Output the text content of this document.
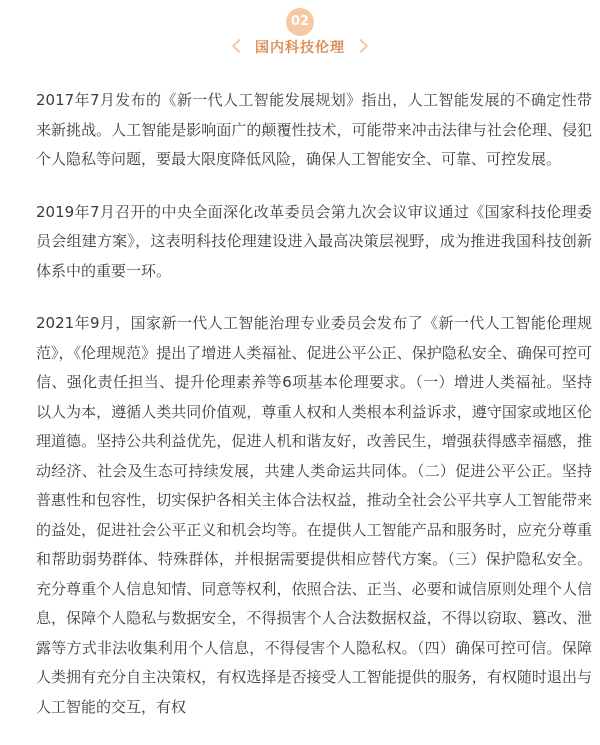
02
国内科技伦理

2017年7月发布的《新一代人工智能发展规划》指出，人工智能发展的不确定性带来新挑战。人工智能是影响面广的颠覆性技术，可能带来冲击法律与社会伦理、侵犯个人隐私等问题，要最大限度降低风险，确保人工智能安全、可靠、可控发展。

2019年7月召开的中央全面深化改革委员会第九次会议审议通过《国家科技伦理委员会组建方案》，这表明科技伦理建设进入最高决策层视野，成为推进我国科技创新体系中的重要一环。

2021年9月，国家新一代人工智能治理专业委员会发布了《新一代人工智能伦理规范》，《伦理规范》提出了增进人类福祉、促进公平公正、保护隐私安全、确保可控可信、强化责任担当、提升伦理素养等6项基本伦理要求。（一）增进人类福祉。坚持以人为本，遵循人类共同价值观，尊重人权和人类根本利益诉求，遵守国家或地区伦理道德。坚持公共利益优先，促进人机和谐友好，改善民生，增强获得感幸福感，推动经济、社会及生态可持续发展，共建人类命运共同体。（二）促进公平公正。坚持普惠性和包容性，切实保护各相关主体合法权益，推动全社会公平共享人工智能带来的益处，促进社会公平正义和机会均等。在提供人工智能产品和服务时，应充分尊重和帮助弱势群体、特殊群体，并根据需要提供相应替代方案。（三）保护隐私安全。充分尊重个人信息知情、同意等权利，依照合法、正当、必要和诚信原则处理个人信息，保障个人隐私与数据安全，不得损害个人合法数据权益，不得以窃取、篡改、泄露等方式非法收集利用个人信息，不得侵害个人隐私权。（四）确保可控可信。保障人类拥有充分自主决策权，有权选择是否接受人工智能提供的服务，有权随时退出与人工智能的交互，有权
